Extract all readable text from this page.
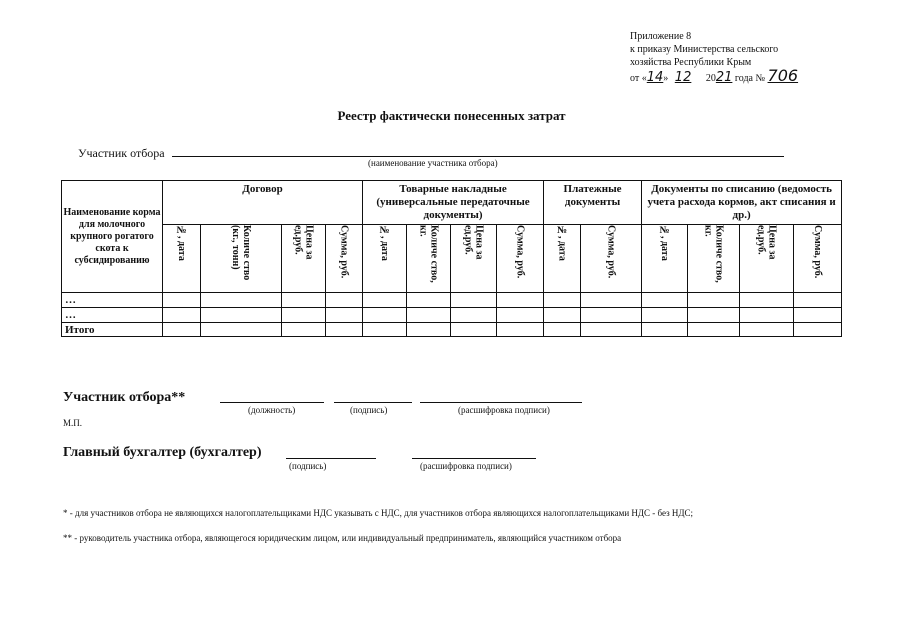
Приложение 8
к приказу Министерства сельского
хозяйства Республики Крым
от «14» 12 2021 года № 706
Реестр фактически понесенных затрат
Участник отбора
(наименование участника отбора)
Наименование корма для молочного крупного рогатого скота к субсидированию	Договор				Товарные накладные (универсальные передаточные документы)				Платежные документы		Документы по списанию (ведомость учета расхода кормов, акт списания и др.)			

	№, дата	Количе ство (кг., тонн)	Цена за ед.руб.	Сумма, руб.	№, дата	Количе ство, кг.	Цена за ед.руб.	Сумма, руб.	№, дата	Сумма, руб.	№, дата	Количе ство, кг.	Цена за ед.руб.	Сумма, руб.

…														
…														
Итого														
Участник отбора**
(должность)	(подпись)	(расшифровка подписи)
М.П.
Главный бухгалтер (бухгалтер)
(подпись)	(расшифровка подписи)
* - для участников отбора не являющихся налогоплательщиками НДС указывать с НДС, для участников отбора являющихся налогоплательщиками НДС - без НДС;
** - руководитель участника отбора, являющегося юридическим лицом, или индивидуальный предприниматель, являющийся участником отбора
